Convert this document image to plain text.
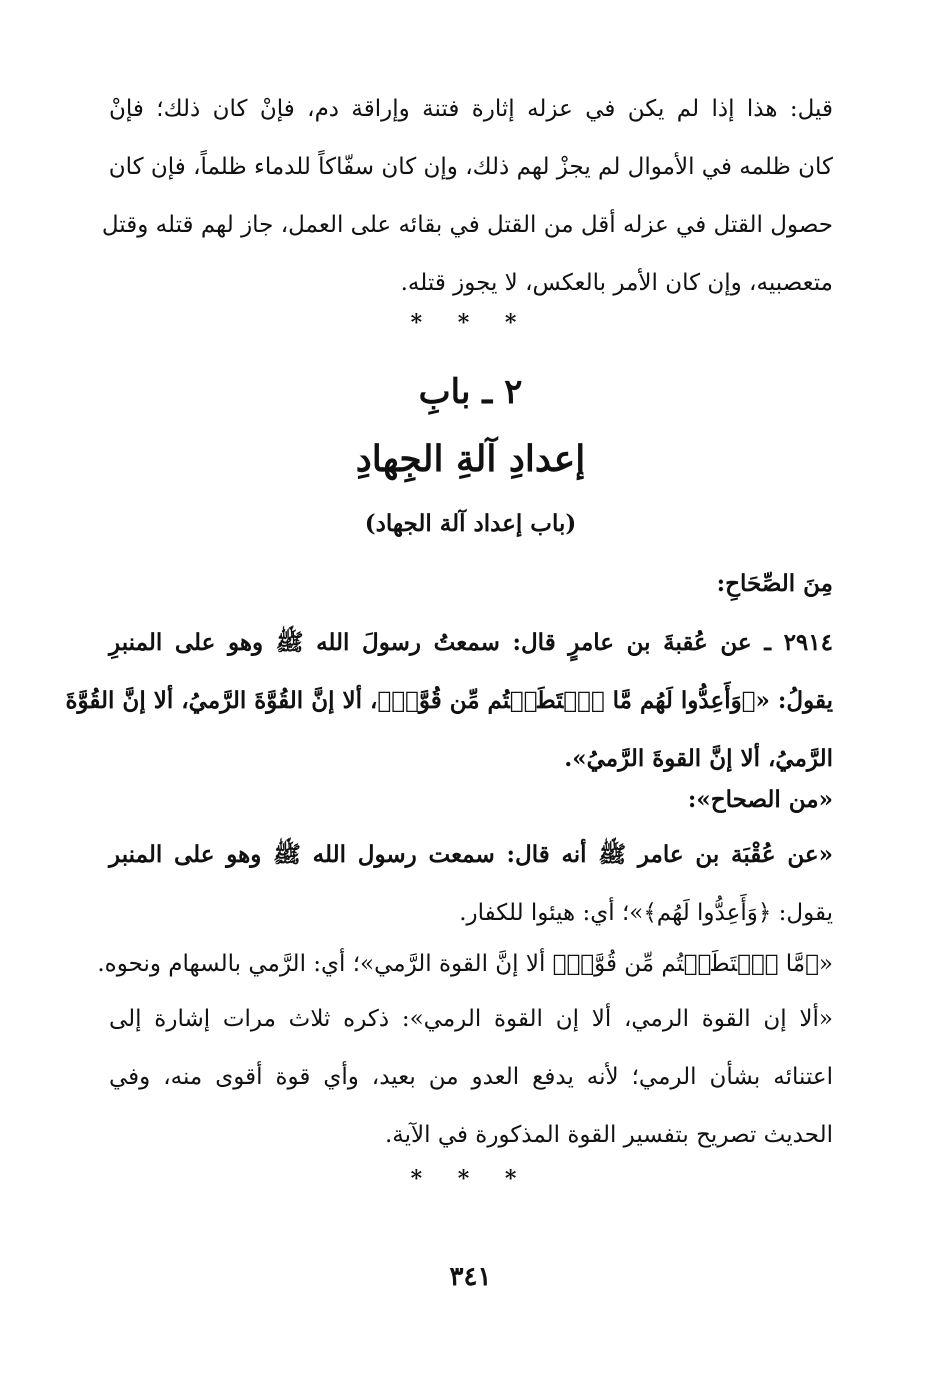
قيل: هذا إذا لم يكن في عزله إثارة فتنة وإراقة دم، فإنْ كان ذلك؛ فإنْ
كان ظلمه في الأموال لم يجزْ لهم ذلك، وإن كان سفّاكاً للدماء ظلماً، فإن كان
حصول القتل في عزله أقل من القتل في بقائه على العمل، جاز لهم قتله وقتل
متعصبيه، وإن كان الأمر بالعكس، لا يجوز قتله.
* * *
٢ ـ بابِ
إعدادِ آلةِ الجِهادِ
(باب إعداد آلة الجهاد)
مِنَ الصِّحَاحِ:
٢٩١٤ ـ عن عُقبةَ بن عامرٍ قال: سمعتُ رسولَ الله ﷺ وهو على المنبرِ
يقولُ: «﴿وَأَعِدُّوا لَهُم مَّا ٱسۡتَطَعۡتُم مِّن قُوَّةٖ﴾، ألا إنَّ القُوَّةَ الرَّميُ، ألا إنَّ القُوَّةَ
الرَّميُ، ألا إنَّ القوةَ الرَّميُ».
«من الصحاح»:
«عن عُقْبَة بن عامر ﷺ أنه قال: سمعت رسول الله ﷺ وهو على المنبر
يقول: ﴿وَأَعِدُّوا لَهُم﴾»؛ أي: هيئوا للكفار.
«﴿مَّا ٱسۡتَطَعۡتُم مِّن قُوَّةٖ﴾ ألا إنَّ القوة الرَّمي»؛ أي: الرَّمي بالسهام ونحوه.
«ألا إن القوة الرمي، ألا إن القوة الرمي»: ذكره ثلاث مرات إشارة إلى
اعتنائه بشأن الرمي؛ لأنه يدفع العدو من بعيد، وأي قوة أقوى منه، وفي
الحديث تصريح بتفسير القوة المذكورة في الآية.
* * *
٣٤١
